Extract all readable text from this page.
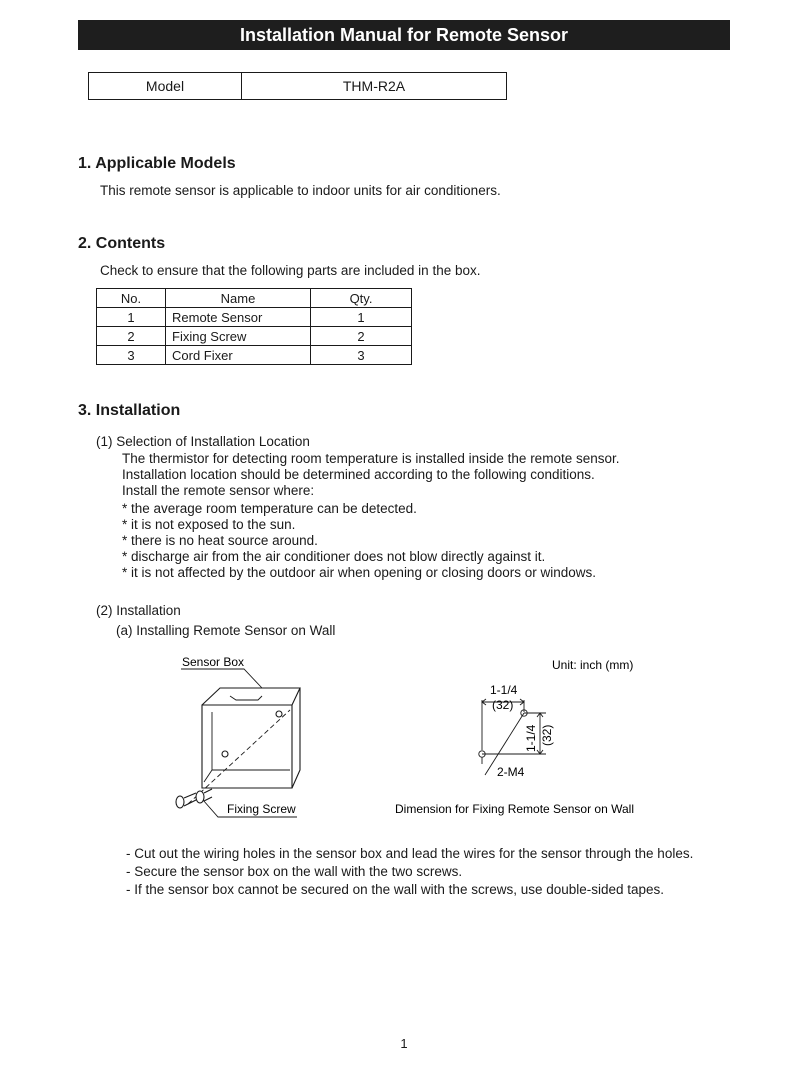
Installation Manual for Remote Sensor
Model	THM-R2A
1. Applicable Models

This remote sensor is applicable to indoor units for air conditioners.

2. Contents

Check to ensure that the following parts are included in the box.

No.	Name	Qty.
1	Remote Sensor	1
2	Fixing Screw	2
3	Cord Fixer	3
3. Installation

(1) Selection of Installation Location

The thermistor for detecting room temperature is installed inside the remote sensor.

Installation location should be determined according to the following conditions.

Install the remote sensor where:

* the average room temperature can be detected.
* it is not exposed to the sun.
* there is no heat source around.
* discharge air from the air conditioner does not blow directly against it.
* it is not affected by the outdoor air when opening or closing doors or windows.

(2) Installation

(a) Installing Remote Sensor on Wall

Sensor Box
Fixing Screw
Unit: inch (mm)
1-1/4
(32)
1-1/4 (32)
2-M4
Dimension for Fixing Remote Sensor on Wall
- Cut out the wiring holes in the sensor box and lead the wires for the sensor through the holes.
- Secure the sensor box on the wall with the two screws.
- If the sensor box cannot be secured on the wall with the screws, use double-sided tapes.
1
